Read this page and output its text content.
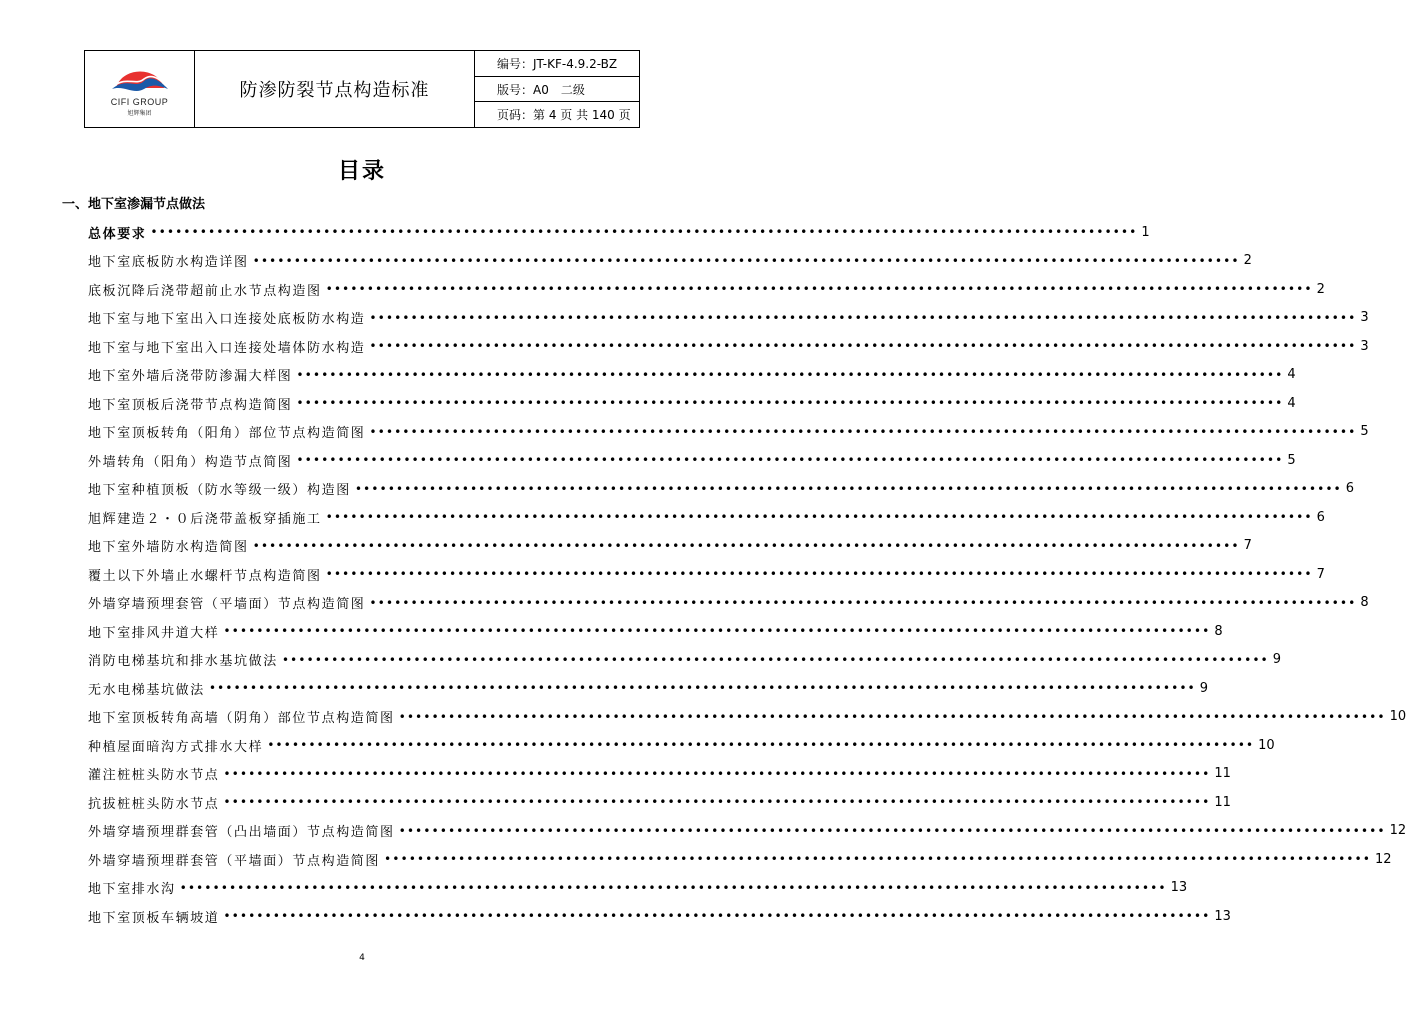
CIFI GROUP
旭辉集团
防渗防裂节点构造标准
编号：JT-KF-4.9.2-BZ
版号：A0　二级
页码：第 4 页 共 140 页
目录
一、地下室渗漏节点做法
总体要求 •••••••••••••••••••••••••••••••••••••••••••••••••••••••••••••••••••••••••••••••••••••••••••••••••••••••••••••••••••••••• 1
地下室底板防水构造详图 •••••••••••••••••••••••••••••••••••••••••••••••••••••••••••••••••••••••••••••••••••••••••••••••••••••••••••••••••••••••• 2
底板沉降后浇带超前止水节点构造图 •••••••••••••••••••••••••••••••••••••••••••••••••••••••••••••••••••••••••••••••••••••••••••••••••••••••••••••••••••••••• 2
地下室与地下室出入口连接处底板防水构造 •••••••••••••••••••••••••••••••••••••••••••••••••••••••••••••••••••••••••••••••••••••••••••••••••••••••••••••••••••••••• 3
地下室与地下室出入口连接处墙体防水构造 •••••••••••••••••••••••••••••••••••••••••••••••••••••••••••••••••••••••••••••••••••••••••••••••••••••••••••••••••••••••• 3
地下室外墙后浇带防渗漏大样图 •••••••••••••••••••••••••••••••••••••••••••••••••••••••••••••••••••••••••••••••••••••••••••••••••••••••••••••••••••••••• 4
地下室顶板后浇带节点构造简图 •••••••••••••••••••••••••••••••••••••••••••••••••••••••••••••••••••••••••••••••••••••••••••••••••••••••••••••••••••••••• 4
地下室顶板转角（阳角）部位节点构造简图 •••••••••••••••••••••••••••••••••••••••••••••••••••••••••••••••••••••••••••••••••••••••••••••••••••••••••••••••••••••••• 5
外墙转角（阳角）构造节点简图 •••••••••••••••••••••••••••••••••••••••••••••••••••••••••••••••••••••••••••••••••••••••••••••••••••••••••••••••••••••••• 5
地下室种植顶板（防水等级一级）构造图 •••••••••••••••••••••••••••••••••••••••••••••••••••••••••••••••••••••••••••••••••••••••••••••••••••••••••••••••••••••••• 6
旭辉建造２・０后浇带盖板穿插施工 •••••••••••••••••••••••••••••••••••••••••••••••••••••••••••••••••••••••••••••••••••••••••••••••••••••••••••••••••••••••• 6
地下室外墙防水构造简图 •••••••••••••••••••••••••••••••••••••••••••••••••••••••••••••••••••••••••••••••••••••••••••••••••••••••••••••••••••••••• 7
覆土以下外墙止水螺杆节点构造简图 •••••••••••••••••••••••••••••••••••••••••••••••••••••••••••••••••••••••••••••••••••••••••••••••••••••••••••••••••••••••• 7
外墙穿墙预埋套管（平墙面）节点构造简图 •••••••••••••••••••••••••••••••••••••••••••••••••••••••••••••••••••••••••••••••••••••••••••••••••••••••••••••••••••••••• 8
地下室排风井道大样 •••••••••••••••••••••••••••••••••••••••••••••••••••••••••••••••••••••••••••••••••••••••••••••••••••••••••••••••••••••••• 8
消防电梯基坑和排水基坑做法 •••••••••••••••••••••••••••••••••••••••••••••••••••••••••••••••••••••••••••••••••••••••••••••••••••••••••••••••••••••••• 9
无水电梯基坑做法 •••••••••••••••••••••••••••••••••••••••••••••••••••••••••••••••••••••••••••••••••••••••••••••••••••••••••••••••••••••••• 9
地下室顶板转角高墙（阴角）部位节点构造简图 •••••••••••••••••••••••••••••••••••••••••••••••••••••••••••••••••••••••••••••••••••••••••••••••••••••••••••••••••••••••• 10
种植屋面暗沟方式排水大样 •••••••••••••••••••••••••••••••••••••••••••••••••••••••••••••••••••••••••••••••••••••••••••••••••••••••••••••••••••••••• 10
灌注桩桩头防水节点 •••••••••••••••••••••••••••••••••••••••••••••••••••••••••••••••••••••••••••••••••••••••••••••••••••••••••••••••••••••••• 11
抗拔桩桩头防水节点 •••••••••••••••••••••••••••••••••••••••••••••••••••••••••••••••••••••••••••••••••••••••••••••••••••••••••••••••••••••••• 11
外墙穿墙预埋群套管（凸出墙面）节点构造简图 •••••••••••••••••••••••••••••••••••••••••••••••••••••••••••••••••••••••••••••••••••••••••••••••••••••••••••••••••••••••• 12
外墙穿墙预埋群套管（平墙面）节点构造简图 •••••••••••••••••••••••••••••••••••••••••••••••••••••••••••••••••••••••••••••••••••••••••••••••••••••••••••••••••••••••• 12
地下室排水沟 •••••••••••••••••••••••••••••••••••••••••••••••••••••••••••••••••••••••••••••••••••••••••••••••••••••••••••••••••••••••• 13
地下室顶板车辆坡道 •••••••••••••••••••••••••••••••••••••••••••••••••••••••••••••••••••••••••••••••••••••••••••••••••••••••••••••••••••••••• 13
4
